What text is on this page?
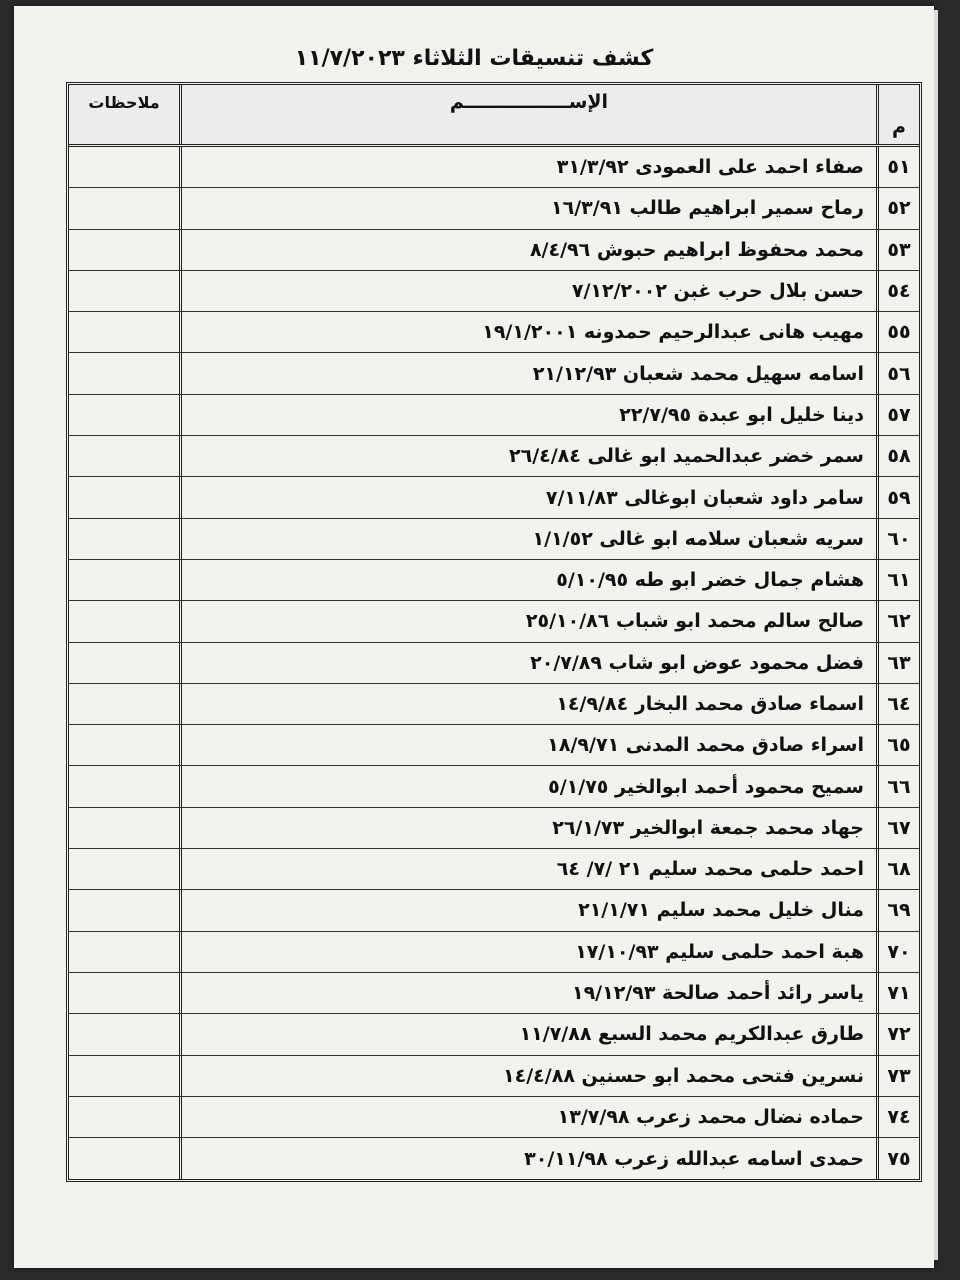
كشف تنسيقات الثلاثاء ١١/٧/٢٠٢٣
م
الإســــــــــــــــم
ملاحظات
٥١
صفاء احمد على العمودى ٣١/٣/٩٢
٥٢
رماح سمير ابراهيم طالب ١٦/٣/٩١
٥٣
محمد محفوظ ابراهيم حبوش ٨/٤/٩٦
٥٤
حسن بلال حرب غبن ٧/١٢/٢٠٠٢
٥٥
مهيب هانى عبدالرحيم حمدونه ١٩/١/٢٠٠١
٥٦
اسامه سهيل محمد شعبان ٢١/١٢/٩٣
٥٧
دينا خليل ابو عبدة ٢٢/٧/٩٥
٥٨
سمر خضر عبدالحميد ابو غالى ٢٦/٤/٨٤
٥٩
سامر داود شعبان ابوغالى ٧/١١/٨٣
٦٠
سريه شعبان سلامه ابو غالى ١/١/٥٢
٦١
هشام جمال خضر ابو طه ٥/١٠/٩٥
٦٢
صالح سالم محمد ابو شباب ٢٥/١٠/٨٦
٦٣
فضل محمود عوض ابو شاب ٢٠/٧/٨٩
٦٤
اسماء صادق محمد البخار ١٤/٩/٨٤
٦٥
اسراء صادق محمد المدنى ١٨/٩/٧١
٦٦
سميح محمود أحمد ابوالخير ٥/١/٧٥
٦٧
جهاد محمد جمعة ابوالخير ٢٦/١/٧٣
٦٨
احمد حلمى محمد سليم ٢١ /٧/ ٦٤
٦٩
منال خليل محمد سليم ٢١/١/٧١
٧٠
هبة احمد حلمى سليم ١٧/١٠/٩٣
٧١
ياسر رائد أحمد صالحة ١٩/١٢/٩٣
٧٢
طارق عبدالكريم محمد السبع ١١/٧/٨٨
٧٣
نسرين فتحى محمد ابو حسنين ١٤/٤/٨٨
٧٤
حماده نضال محمد زعرب ١٣/٧/٩٨
٧٥
حمدى اسامه عبدالله زعرب ٣٠/١١/٩٨
